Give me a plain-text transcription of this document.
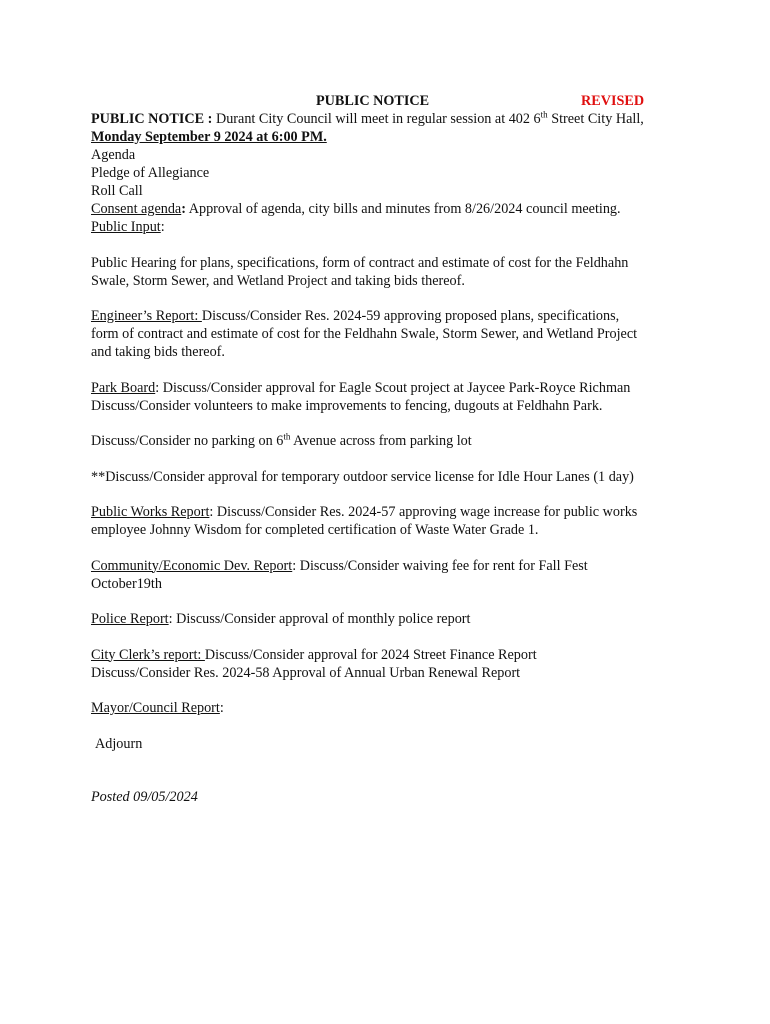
PUBLIC NOTICE	REVISED
PUBLIC NOTICE : Durant City Council will meet in regular session at 402 6th Street City Hall,
Monday September 9 2024 at 6:00 PM.
Agenda
Pledge of Allegiance
Roll Call
Consent agenda: Approval of agenda, city bills and minutes from 8/26/2024 council meeting.
Public Input:
Public Hearing for plans, specifications, form of contract and estimate of cost for the Feldhahn
Swale, Storm Sewer, and Wetland Project and taking bids thereof.
Engineer’s Report: Discuss/Consider Res. 2024-59 approving proposed plans, specifications,
form of contract and estimate of cost for the Feldhahn Swale, Storm Sewer, and Wetland Project
and taking bids thereof.
Park Board: Discuss/Consider approval for Eagle Scout project at Jaycee Park-Royce Richman
Discuss/Consider volunteers to make improvements to fencing, dugouts at Feldhahn Park.
Discuss/Consider no parking on 6th Avenue across from parking lot
**Discuss/Consider approval for temporary outdoor service license for Idle Hour Lanes (1 day)
Public Works Report: Discuss/Consider Res. 2024-57 approving wage increase for public works
employee Johnny Wisdom for completed certification of Waste Water Grade 1.
Community/Economic Dev. Report: Discuss/Consider waiving fee for rent for Fall Fest
October19th
Police Report: Discuss/Consider approval of monthly police report
City Clerk’s report: Discuss/Consider approval for 2024 Street Finance Report
Discuss/Consider Res. 2024-58 Approval of Annual Urban Renewal Report
Mayor/Council Report:
Adjourn
Posted 09/05/2024
